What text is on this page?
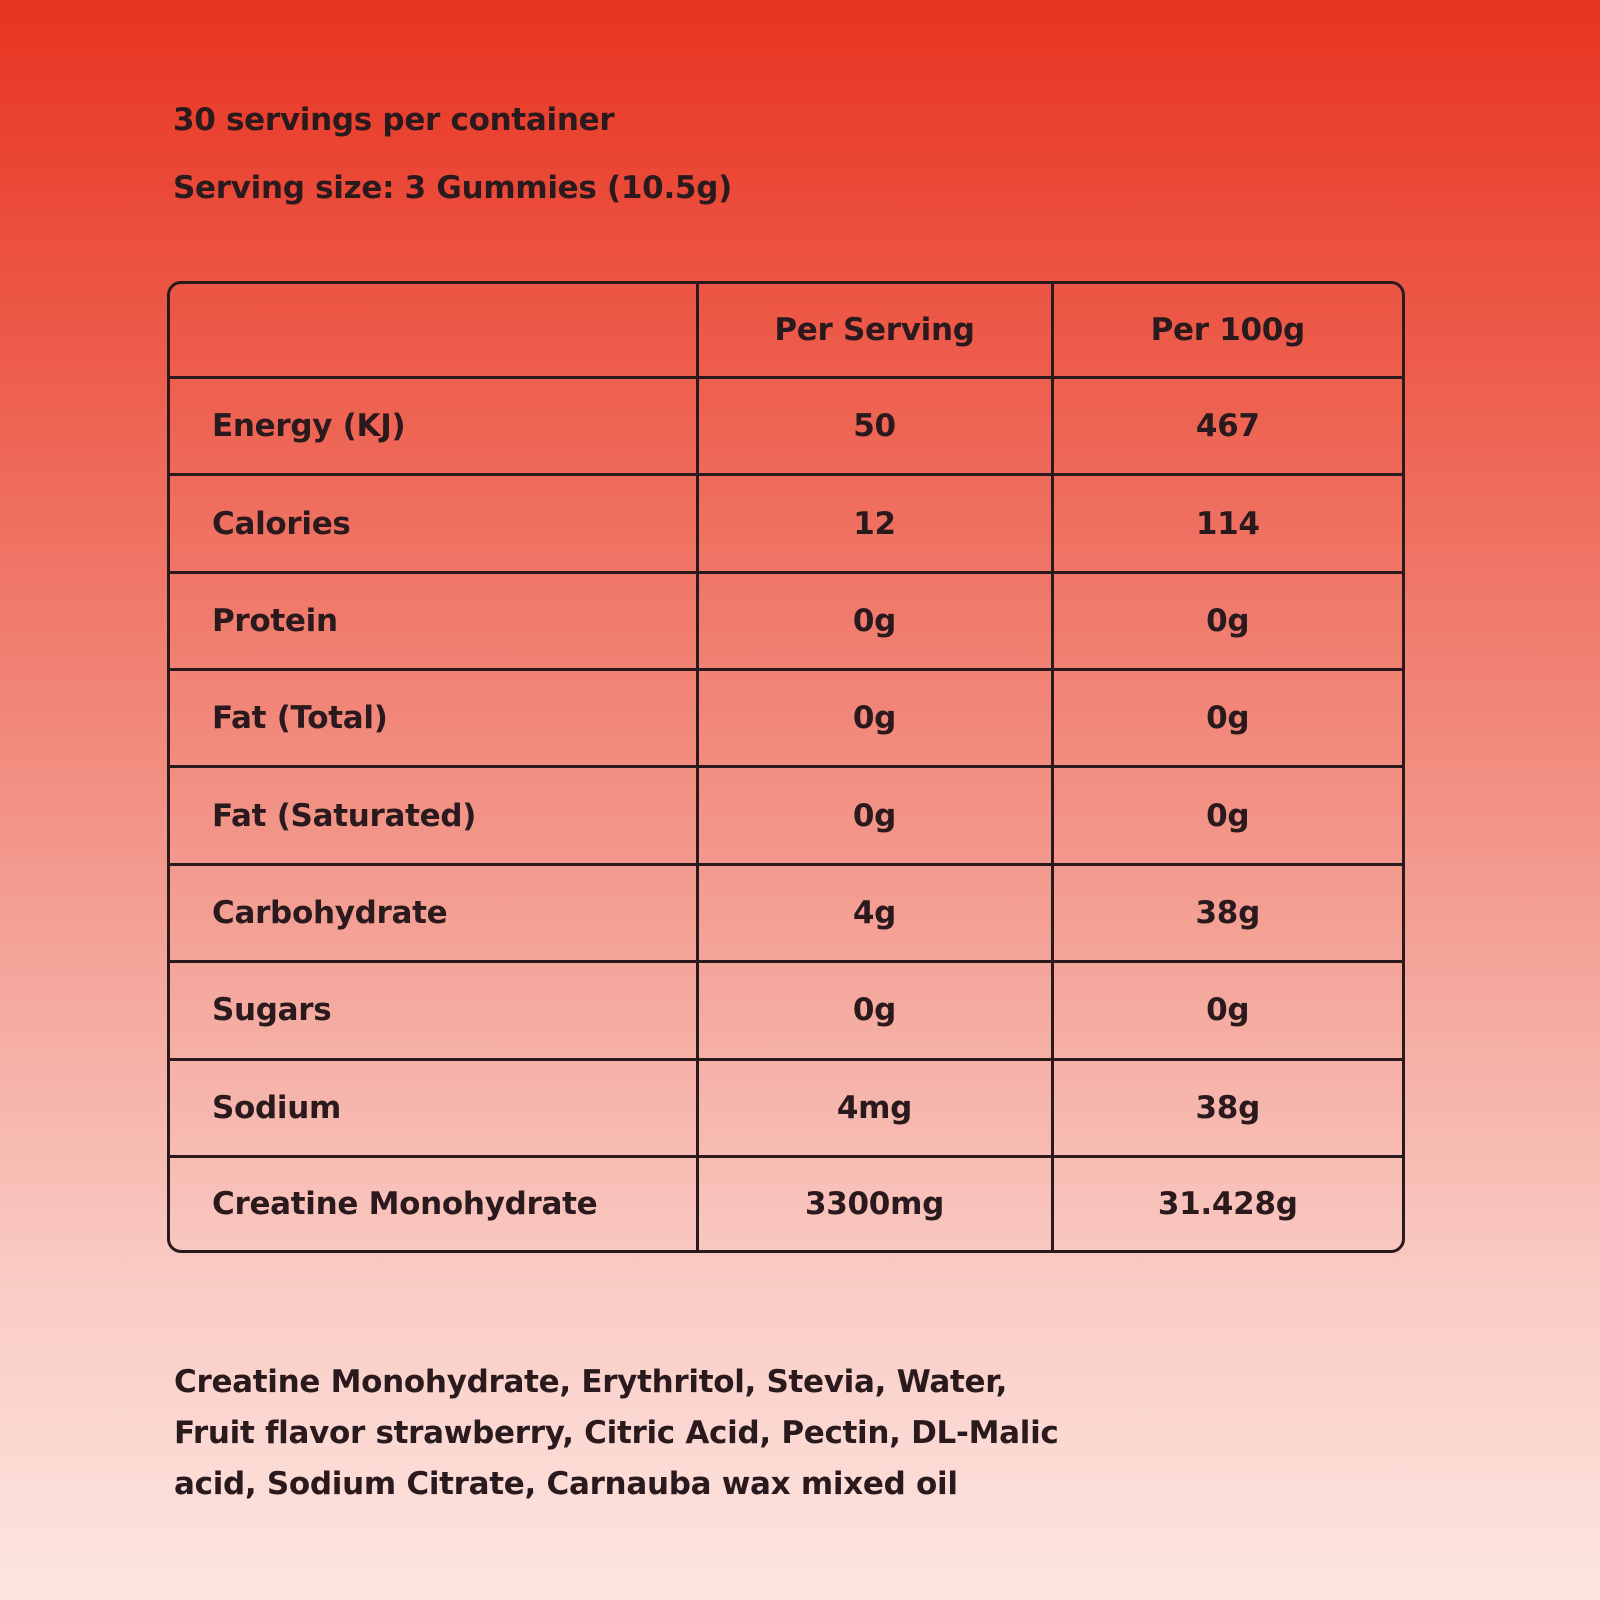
30 servings per container
Serving size: 3 Gummies (10.5g)
	Per Serving	Per 100g
Energy (KJ)	50	467
Calories	12	114
Protein	0g	0g
Fat (Total)	0g	0g
Fat (Saturated)	0g	0g
Carbohydrate	4g	38g
Sugars	0g	0g
Sodium	4mg	38g
Creatine Monohydrate	3300mg	31.428g
Creatine Monohydrate, Erythritol, Stevia, Water,
Fruit flavor strawberry, Citric Acid, Pectin, DL-Malic
acid, Sodium Citrate, Carnauba wax mixed oil
